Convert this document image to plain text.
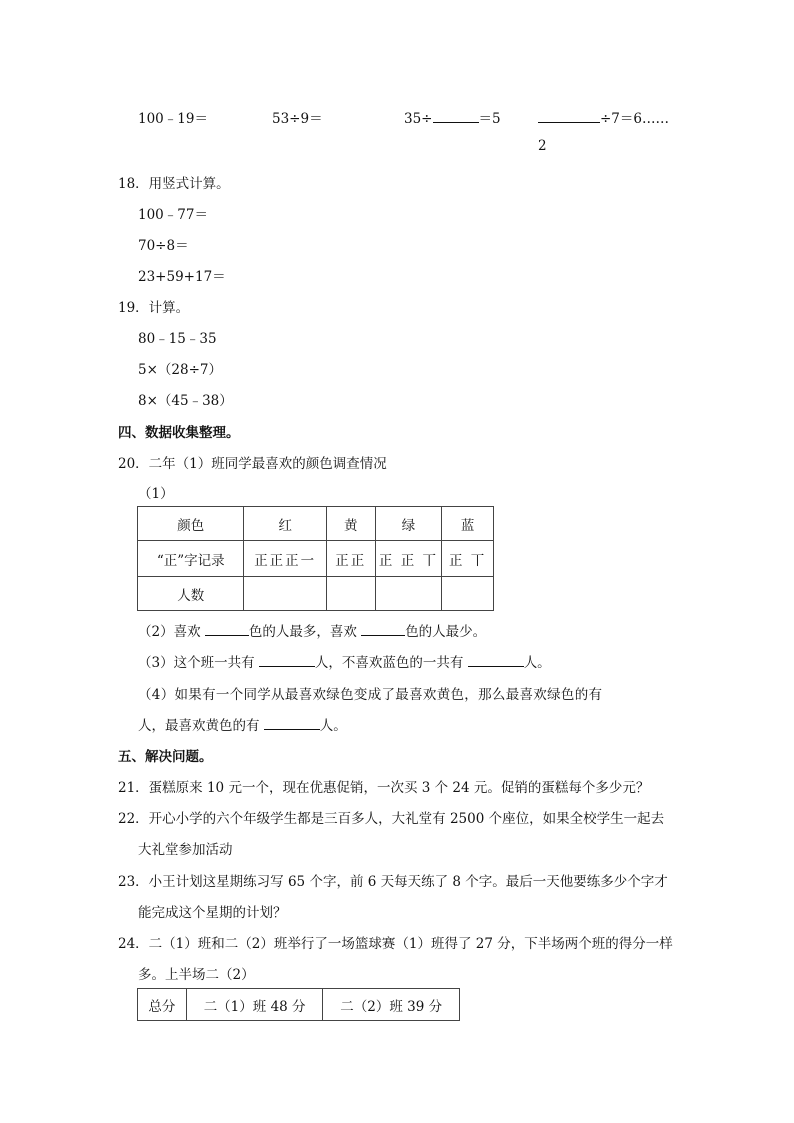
100﹣19＝	53÷9＝	35÷	＝5	÷7＝6……
2
18．用竖式计算。
100﹣77＝
70÷8＝
23+59+17＝
19．计算。
80﹣15﹣35
5×（28÷7）
8×（45﹣38）
四、数据收集整理。
20．二年（1）班同学最喜欢的颜色调查情况
（1）
颜色	红	黄	绿	蓝
“正”字记录	正正正一	正正	正 正 丅	正 丅
人数				
（2）喜欢	色的人最多，喜欢	色的人最少。
（3）这个班一共有	人，不喜欢蓝色的一共有	人。
（4）如果有一个同学从最喜欢绿色变成了最喜欢黄色，那么最喜欢绿色的有
人，最喜欢黄色的有	人。
五、解决问题。
21．蛋糕原来 10 元一个，现在优惠促销，一次买 3 个 24 元。促销的蛋糕每个多少元？
22．开心小学的六个年级学生都是三百多人，大礼堂有 2500 个座位，如果全校学生一起去
大礼堂参加活动
23．小王计划这星期练习写 65 个字，前 6 天每天练了 8 个字。最后一天他要练多少个字才
能完成这个星期的计划？
24．二（1）班和二（2）班举行了一场篮球赛（1）班得了 27 分，下半场两个班的得分一样
多。上半场二（2）
总分	二（1）班 48 分	二（2）班 39 分
